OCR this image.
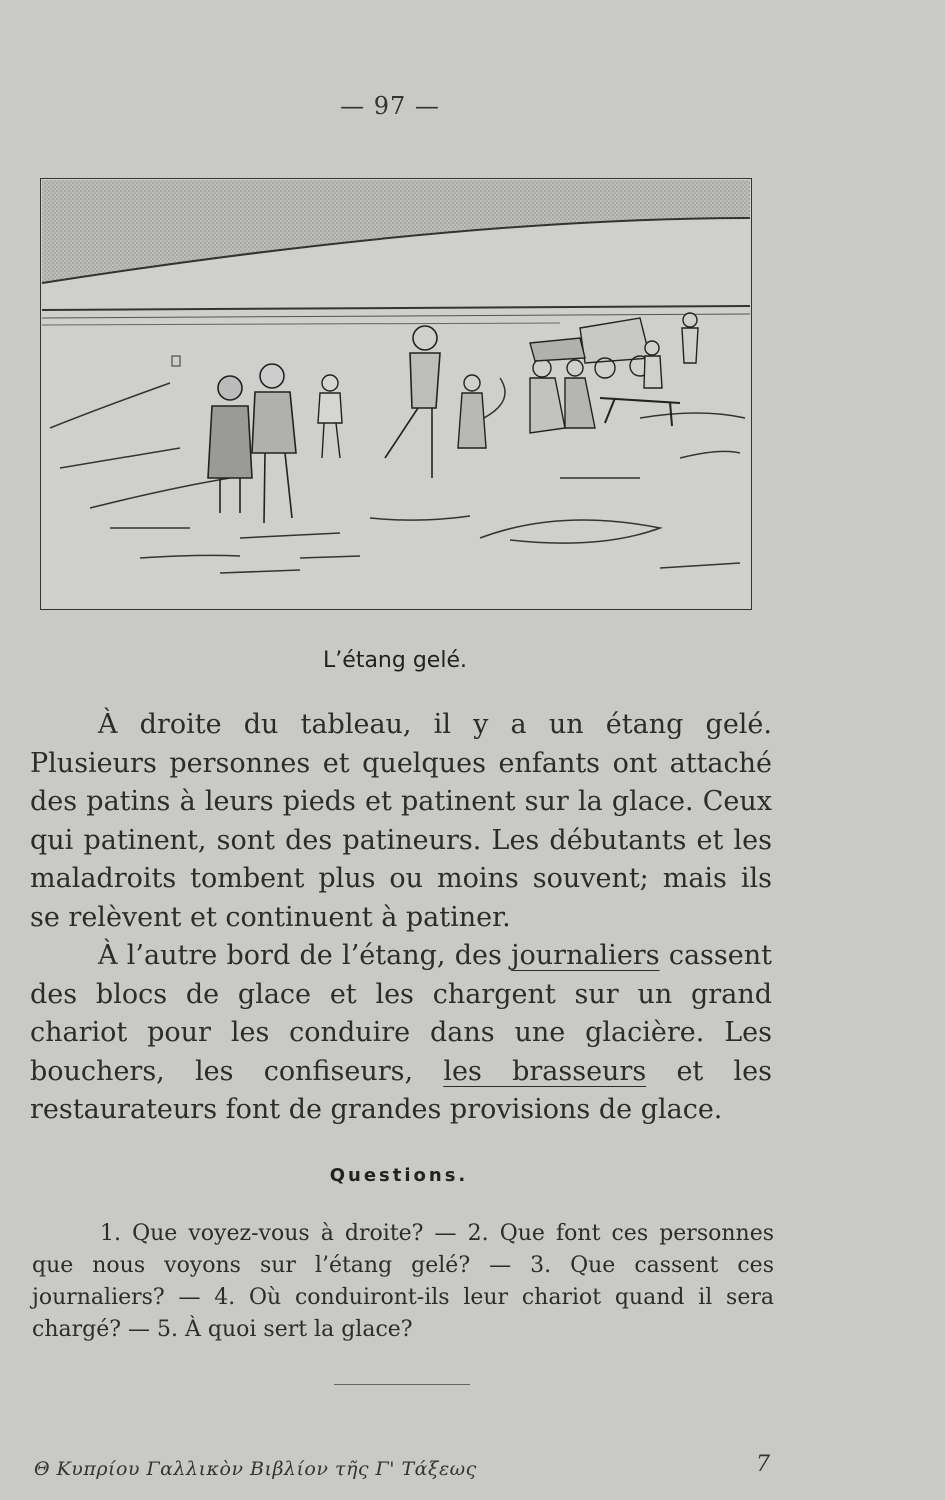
— 97 —
L’étang gelé.

À droite du tableau, il y a un étang gelé. Plusieurs personnes et quelques enfants ont attaché des patins à leurs pieds et patinent sur la glace. Ceux qui patinent, sont des patineurs. Les débutants et les maladroits tombent plus ou moins souvent; mais ils se relèvent et continuent à patiner.

À l’autre bord de l’étang, des journaliers cassent des blocs de glace et les chargent sur un grand chariot pour les conduire dans une glacière. Les bouchers, les confiseurs, les brasseurs et les restaurateurs font de grandes provisions de glace.

Questions.

1. Que voyez-vous à droite? — 2. Que font ces personnes que nous voyons sur l’étang gelé? — 3. Que cassent ces journaliers? — 4. Où conduiront-ils leur chariot quand il sera chargé? — 5. À quoi sert la glace?

Θ Κυπρίου Γαλλικὸν Βιβλίον τῆς Γ' Τάξεως	7
